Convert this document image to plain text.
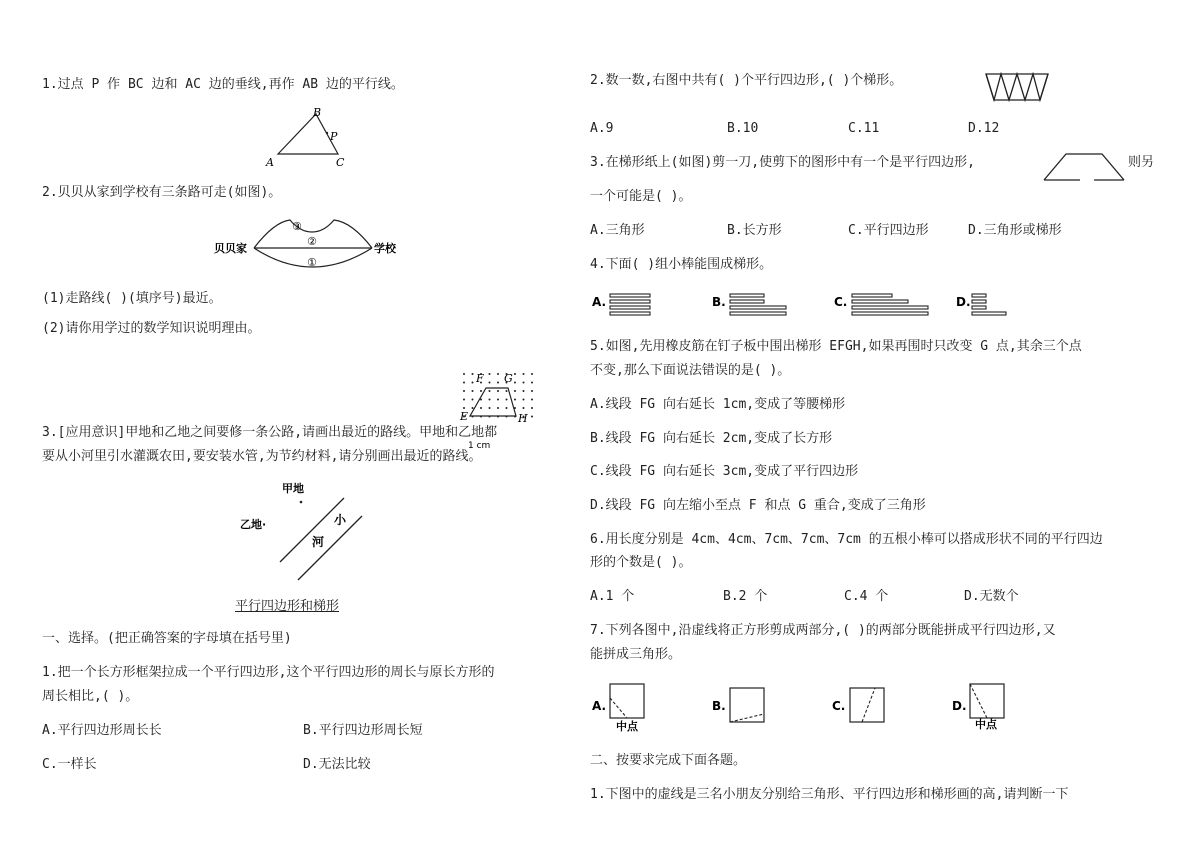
1.过点 P 作 BC 边和 AC 边的垂线,再作 AB 边的平行线。
A
B
C
P
2.贝贝从家到学校有三条路可走(如图)。
贝贝家	学校
③
②
①
(1)走路线( )(填序号)最近。
(2)请你用学过的数学知识说明理由。
F G
E	H
1 cm
3.[应用意识]甲地和乙地之间要修一条公路,请画出最近的路线。甲地和乙地都
要从小河里引水灌溉农田,要安装水管,为节约材料,请分别画出最近的路线。
甲地
乙地·	小
河
平行四边形和梯形
一、选择。(把正确答案的字母填在括号里)
1.把一个长方形框架拉成一个平行四边形,这个平行四边形的周长与原长方形的
周长相比,( )。
A.平行四边形周长长	B.平行四边形周长短
C.一样长	D.无法比较
2.数一数,右图中共有( )个平行四边形,( )个梯形。
A.9	B.10	C.11	D.12
3.在梯形纸上(如图)剪一刀,使剪下的图形中有一个是平行四边形,	则另
一个可能是( )。
A.三角形	B.长方形	C.平行四边形	D.三角形或梯形
4.下面( )组小棒能围成梯形。
A.	B.	C.	D.
5.如图,先用橡皮筋在钉子板中围出梯形 EFGH,如果再围时只改变 G 点,其余三个点
不变,那么下面说法错误的是( )。
A.线段 FG 向右延长 1cm,变成了等腰梯形
B.线段 FG 向右延长 2cm,变成了长方形
C.线段 FG 向右延长 3cm,变成了平行四边形
D.线段 FG 向左缩小至点 F 和点 G 重合,变成了三角形
6.用长度分别是 4cm、4cm、7cm、7cm、7cm 的五根小棒可以搭成形状不同的平行四边
形的个数是( )。
A.1 个	B.2 个	C.4 个	D.无数个
7.下列各图中,沿虚线将正方形剪成两部分,( )的两部分既能拼成平行四边形,又
能拼成三角形。
A.	B.	C.	D.
中点	中点
二、按要求完成下面各题。
1.下图中的虚线是三名小朋友分别给三角形、平行四边形和梯形画的高,请判断一下
